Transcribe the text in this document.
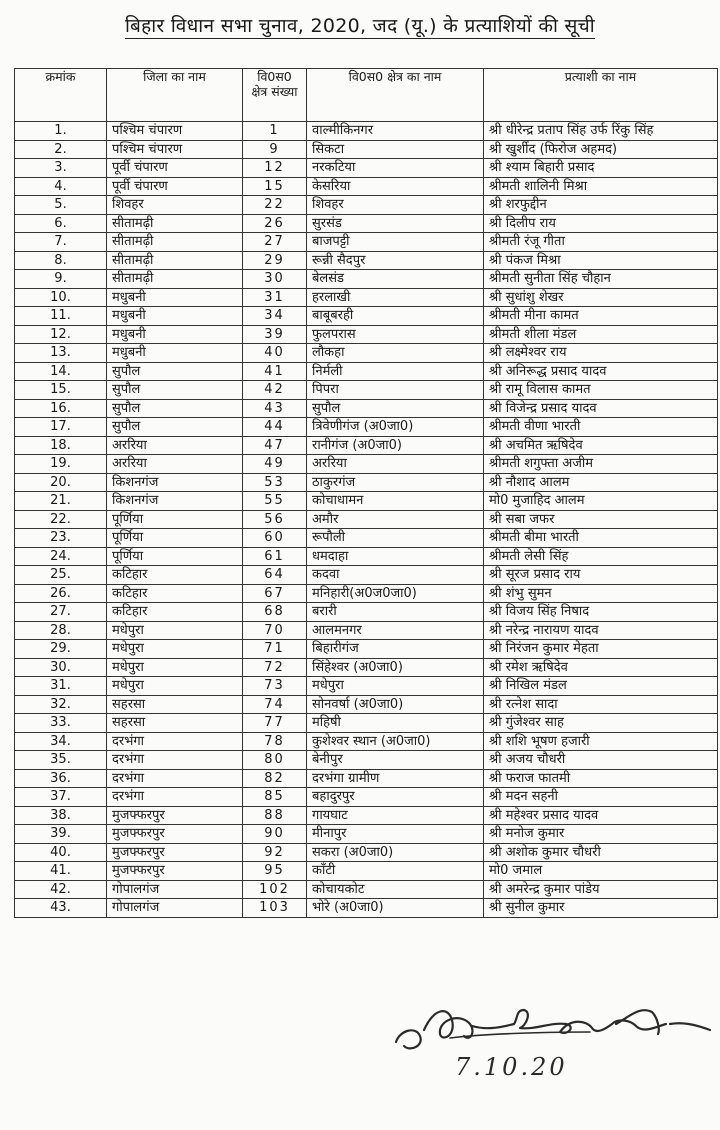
बिहार विधान सभा चुनाव, 2020, जद (यू.) के प्रत्याशियों की सूची
क्रमांक	जिला का नाम	वि0स0 क्षेत्र संख्या	वि0स0 क्षेत्र का नाम	प्रत्याशी का नाम
1.	पश्चिम चंपारण	1	वाल्मीकिनगर	श्री धीरेन्द्र प्रताप सिंह उर्फ रिंकु सिंह
2.	पश्चिम चंपारण	9	सिकटा	श्री खुर्शीद (फिरोज अहमद)
3.	पूर्वी चंपारण	12	नरकटिया	श्री श्याम बिहारी प्रसाद
4.	पूर्वी चंपारण	15	केसरिया	श्रीमती शालिनी मिश्रा
5.	शिवहर	22	शिवहर	श्री शरफुद्दीन
6.	सीतामढ़ी	26	सुरसंड	श्री दिलीप राय
7.	सीतामढ़ी	27	बाजपट्टी	श्रीमती रंजू गीता
8.	सीतामढ़ी	29	रून्नी सैदपुर	श्री पंकज मिश्रा
9.	सीतामढ़ी	30	बेलसंड	श्रीमती सुनीता सिंह चौहान
10.	मधुबनी	31	हरलाखी	श्री सुधांशु शेखर
11.	मधुबनी	34	बाबूबरही	श्रीमती मीना कामत
12.	मधुबनी	39	फुलपरास	श्रीमती शीला मंडल
13.	मधुबनी	40	लौकहा	श्री लक्ष्मेश्वर राय
14.	सुपौल	41	निर्मली	श्री अनिरूद्ध प्रसाद यादव
15.	सुपौल	42	पिपरा	श्री रामू विलास कामत
16.	सुपौल	43	सुपौल	श्री विजेन्द्र प्रसाद यादव
17.	सुपौल	44	त्रिवेणीगंज (अ0जा0)	श्रीमती वीणा भारती
18.	अररिया	47	रानीगंज (अ0जा0)	श्री अचमित ऋषिदेव
19.	अररिया	49	अररिया	श्रीमती शगुफ्ता अजीम
20.	किशनगंज	53	ठाकुरगंज	श्री नौशाद आलम
21.	किशनगंज	55	कोचाधामन	मो0 मुजाहिद आलम
22.	पूर्णिया	56	अमौर	श्री सबा जफर
23.	पूर्णिया	60	रूपौली	श्रीमती बीमा भारती
24.	पूर्णिया	61	धमदाहा	श्रीमती लेसी सिंह
25.	कटिहार	64	कदवा	श्री सूरज प्रसाद राय
26.	कटिहार	67	मनिहारी(अ0ज0जा0)	श्री शंभु सुमन
27.	कटिहार	68	बरारी	श्री विजय सिंह निषाद
28.	मधेपुरा	70	आलमनगर	श्री नरेन्द्र नारायण यादव
29.	मधेपुरा	71	बिहारीगंज	श्री निरंजन कुमार मेहता
30.	मधेपुरा	72	सिंहेश्वर (अ0जा0)	श्री रमेश ऋषिदेव
31.	मधेपुरा	73	मधेपुरा	श्री निखिल मंडल
32.	सहरसा	74	सोनवर्षा (अ0जा0)	श्री रत्नेश सादा
33.	सहरसा	77	महिषी	श्री गुंजेश्वर साह
34.	दरभंगा	78	कुशेश्वर स्थान (अ0जा0)	श्री शशि भूषण हजारी
35.	दरभंगा	80	बेनीपुर	श्री अजय चौधरी
36.	दरभंगा	82	दरभंगा ग्रामीण	श्री फराज फातमी
37.	दरभंगा	85	बहादुरपुर	श्री मदन सहनी
38.	मुजफ्फरपुर	88	गायघाट	श्री महेश्वर प्रसाद यादव
39.	मुजफ्फरपुर	90	मीनापुर	श्री मनोज कुमार
40.	मुजफ्फरपुर	92	सकरा (अ0जा0)	श्री अशोक कुमार चौधरी
41.	मुजफ्फरपुर	95	काँटी	मो0 जमाल
42.	गोपालगंज	102	कोचायकोट	श्री अमरेन्द्र कुमार पांडेय
43.	गोपालगंज	103	भोरे (अ0जा0)	श्री सुनील कुमार
7.10.20
